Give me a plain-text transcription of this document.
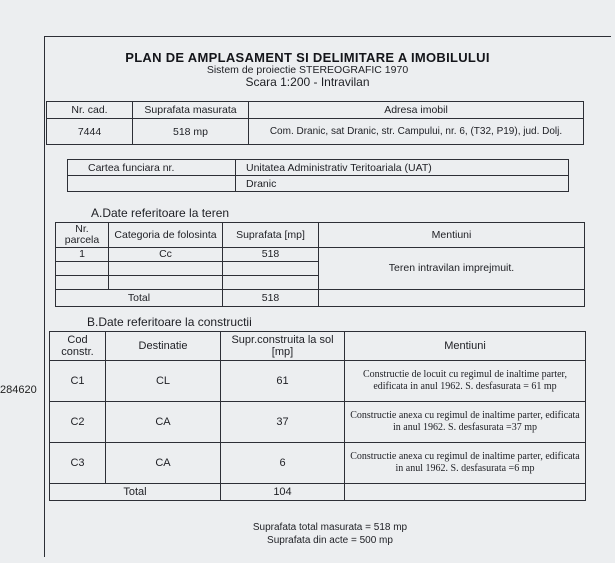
284620
PLAN DE AMPLASAMENT SI DELIMITARE A IMOBILULUI
Sistem de proiectie STEREOGRAFIC 1970
Scara 1:200 - Intravilan
Nr. cad.	Suprafata masurata	Adresa imobil
7444	518 mp	Com. Dranic, sat Dranic, str. Campului, nr. 6, (T32, P19), jud. Dolj.
Cartea funciara nr.	Unitatea Administrativ Teritoariala (UAT)
	Dranic
A.Date referitoare la teren
Nr. parcela	Categoria de folosinta	Suprafata [mp]	Mentiuni
1	Cc	518	Teren intravilan imprejmuit.

Total		518	
B.Date referitoare la constructii
Cod constr.	Destinatie	Supr.construita la sol [mp]	Mentiuni
C1	CL	61	Constructie de locuit cu regimul de inaltime parter, edificata in anul 1962. S. desfasurata = 61 mp
C2	CA	37	Constructie anexa cu regimul de inaltime parter, edificata in anul 1962. S. desfasurata =37 mp
C3	CA	6	Constructie anexa cu regimul de inaltime parter, edificata in anul 1962. S. desfasurata =6 mp
Total		104	
Suprafata total masurata = 518 mp
Suprafata din acte = 500 mp
